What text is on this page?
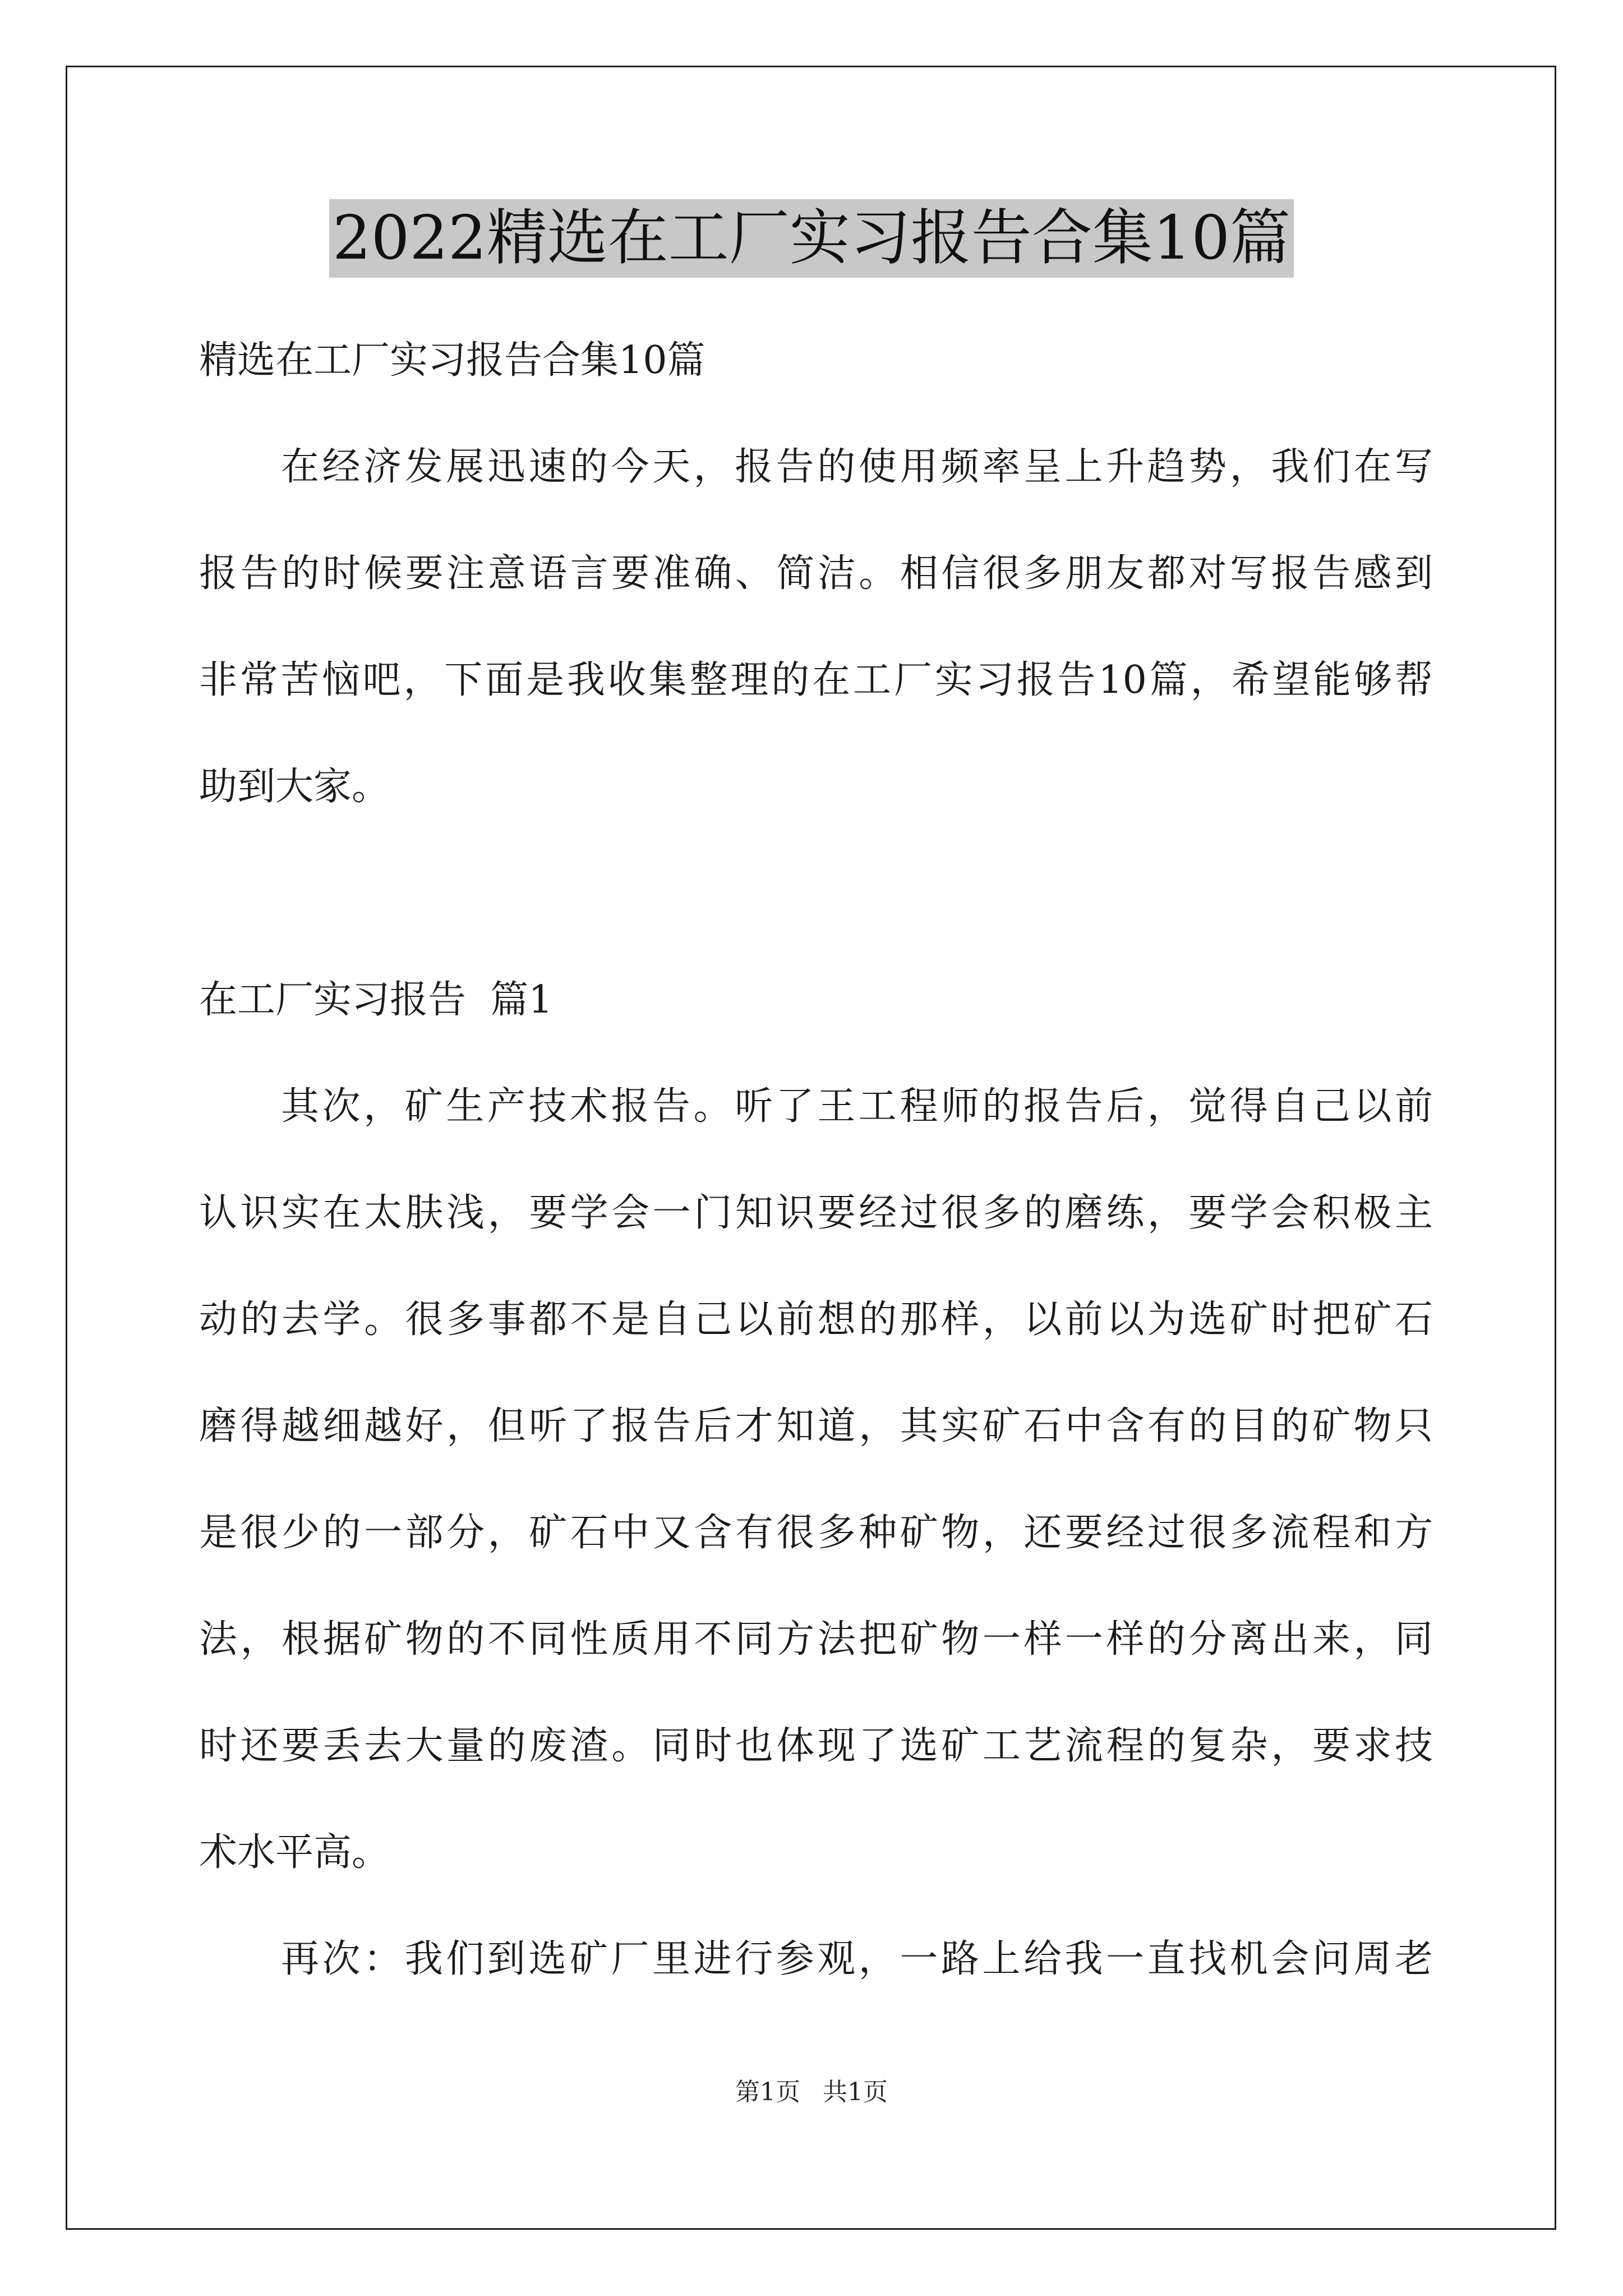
2022精选在工厂实习报告合集10篇
精选在工厂实习报告合集10篇
在经济发展迅速的今天，报告的使用频率呈上升趋势，我们在写
报告的时候要注意语言要准确、简洁。相信很多朋友都对写报告感到
非常苦恼吧，下面是我收集整理的在工厂实习报告10篇，希望能够帮
助到大家。
在工厂实习报告  篇1
其次，矿生产技术报告。听了王工程师的报告后，觉得自己以前
认识实在太肤浅，要学会一门知识要经过很多的磨练，要学会积极主
动的去学。很多事都不是自己以前想的那样，以前以为选矿时把矿石
磨得越细越好，但听了报告后才知道，其实矿石中含有的目的矿物只
是很少的一部分，矿石中又含有很多种矿物，还要经过很多流程和方
法，根据矿物的不同性质用不同方法把矿物一样一样的分离出来，同
时还要丢去大量的废渣。同时也体现了选矿工艺流程的复杂，要求技
术水平高。
再次：我们到选矿厂里进行参观，一路上给我一直找机会问周老
第1页 共1页
